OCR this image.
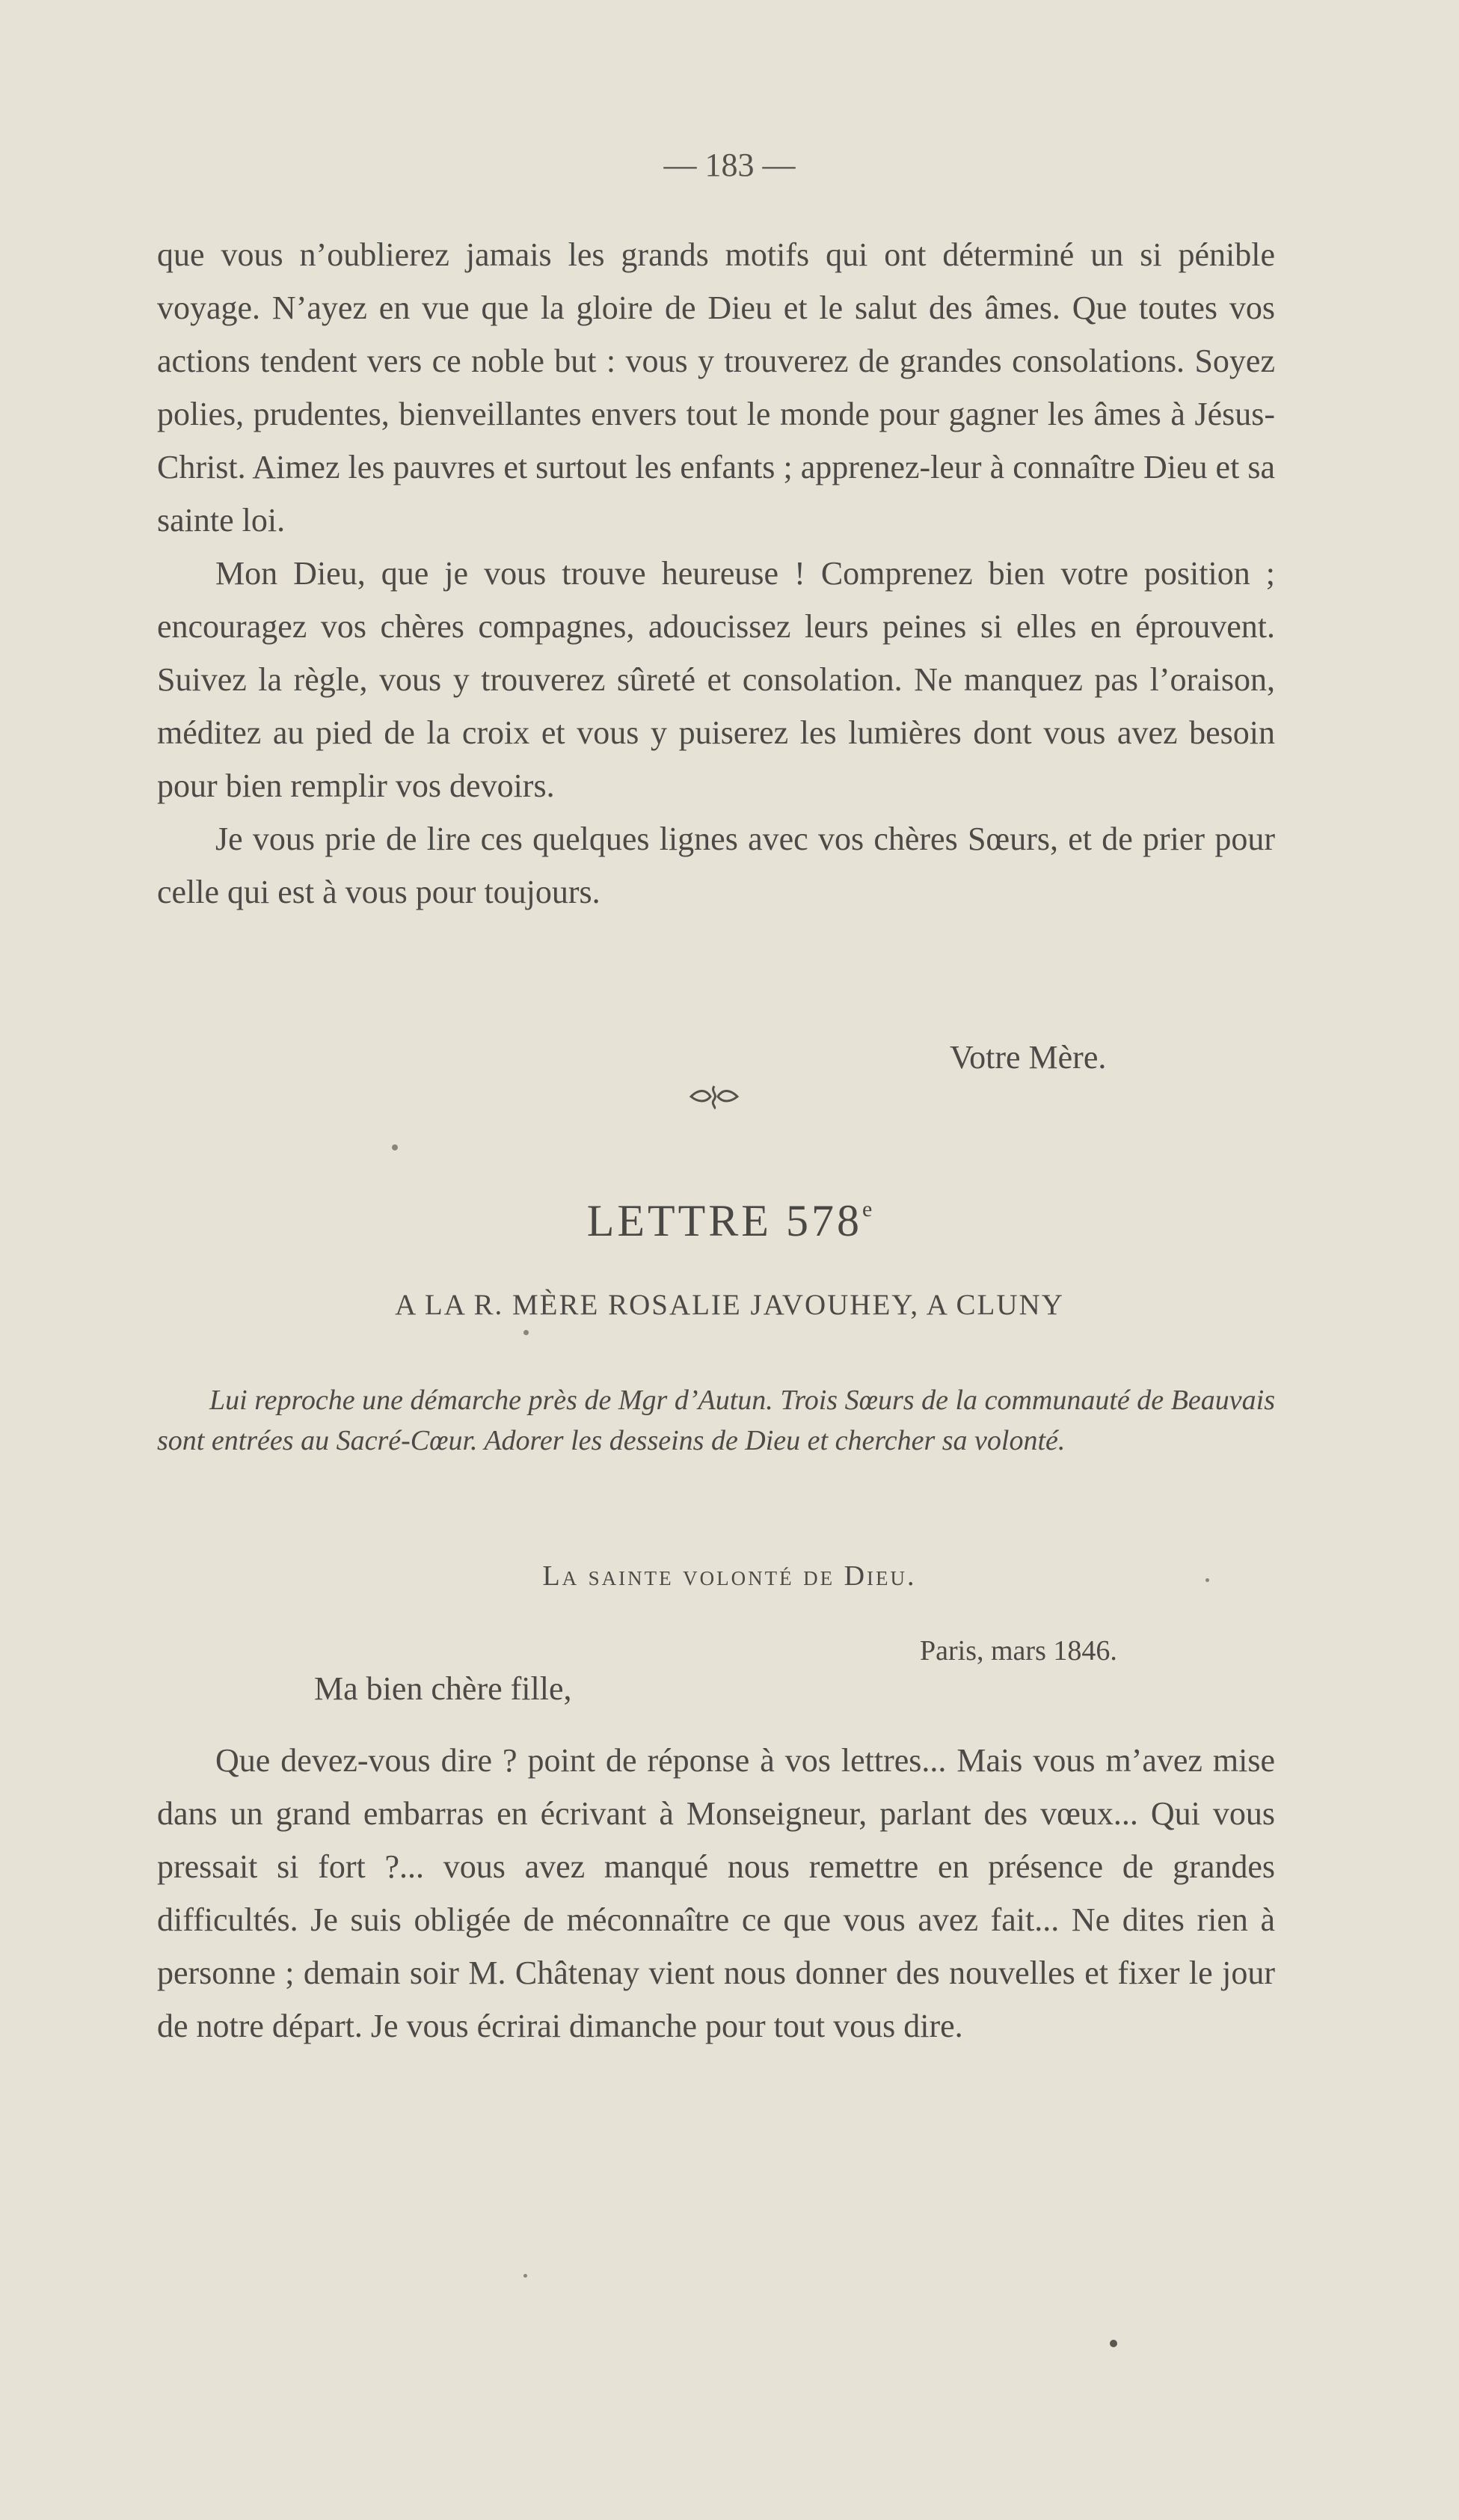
— 183 —

que vous n’oublierez jamais les grands motifs qui ont déterminé un si pénible voyage. N’ayez en vue que la gloire de Dieu et le salut des âmes. Que toutes vos actions tendent vers ce noble but : vous y trouverez de grandes consolations. Soyez polies, prudentes, bienveillantes envers tout le monde pour gagner les âmes à Jésus-Christ. Aimez les pauvres et surtout les enfants ; apprenez-leur à connaître Dieu et sa sainte loi.

Mon Dieu, que je vous trouve heureuse ! Comprenez bien votre position ; encouragez vos chères compagnes, adoucissez leurs peines si elles en éprouvent. Suivez la règle, vous y trouverez sûreté et consolation. Ne manquez pas l’oraison, méditez au pied de la croix et vous y puiserez les lumières dont vous avez besoin pour bien remplir vos devoirs.

Je vous prie de lire ces quelques lignes avec vos chères Sœurs, et de prier pour celle qui est à vous pour toujours.

Votre Mère.
LETTRE 578e
A LA R. MÈRE ROSALIE JAVOUHEY, A CLUNY
Lui reproche une démarche près de Mgr d’Autun. Trois Sœurs de la communauté de Beauvais sont entrées au Sacré-Cœur. Adorer les desseins de Dieu et chercher sa volonté.
La sainte volonté de Dieu.
Paris, mars 1846.
Ma bien chère fille,

Que devez-vous dire ? point de réponse à vos lettres... Mais vous m’avez mise dans un grand embarras en écrivant à Monseigneur, parlant des vœux... Qui vous pressait si fort ?... vous avez manqué nous remettre en présence de grandes difficultés. Je suis obligée de méconnaître ce que vous avez fait... Ne dites rien à personne ; demain soir M. Châtenay vient nous donner des nouvelles et fixer le jour de notre départ. Je vous écrirai dimanche pour tout vous dire.
